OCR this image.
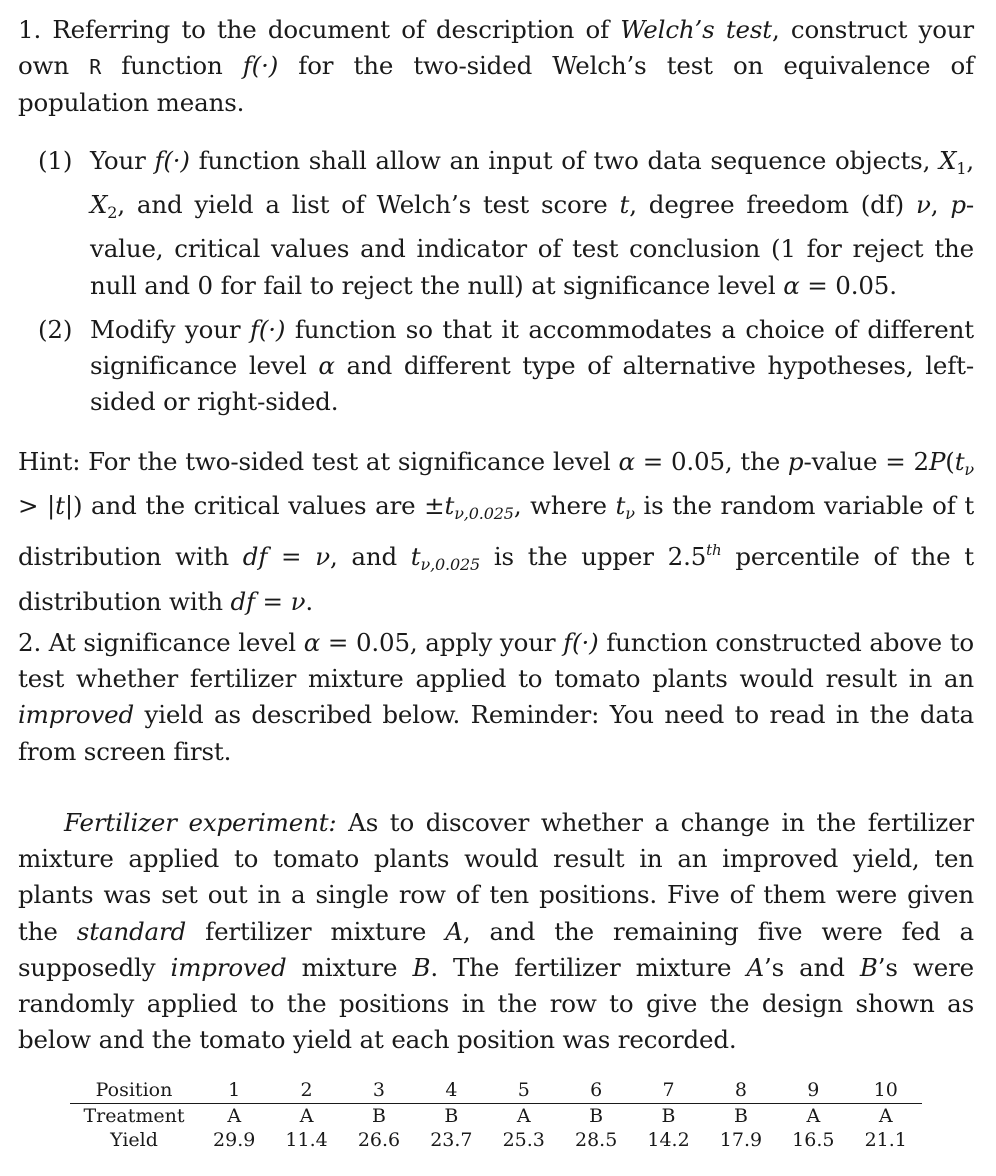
1. Referring to the document of description of Welch’s test, construct your own R function f(·) for the two-sided Welch’s test on equivalence of population means.

(1) Your f(·) function shall allow an input of two data sequence objects, $X_1$, $X_2$, and yield a list of Welch’s test score t, degree freedom (df) ν, p-value, critical values and indicator of test conclusion (1 for reject the null and 0 for fail to reject the null) at significance level α = 0.05.

(2) Modify your f(·) function so that it accommodates a choice of different significance level α and different type of alternative hypotheses, left-sided or right-sided.

Hint: For the two-sided test at significance level α = 0.05, the p-value = $2P(t_\nu > |t|)$ and the critical values are $\pm t_{\nu,0.025}$, where $t_\nu$ is the random variable of t distribution with df = ν, and $t_{\nu,0.025}$ is the upper 2.5th percentile of the t distribution with df = ν.

2. At significance level α = 0.05, apply your f(·) function constructed above to test whether fertilizer mixture applied to tomato plants would result in an improved yield as described below. Reminder: You need to read in the data from screen first.

Fertilizer experiment: As to discover whether a change in the fertilizer mixture applied to tomato plants would result in an improved yield, ten plants was set out in a single row of ten positions. Five of them were given the standard fertilizer mixture A, and the remaining five were fed a supposedly improved mixture B. The fertilizer mixture A’s and B’s were randomly applied to the positions in the row to give the design shown as below and the tomato yield at each position was recorded.

Position	1	2	3	4	5	6	7	8	9	10
Treatment	A	A	B	B	A	B	B	B	A	A
Yield	29.9	11.4	26.6	23.7	25.3	28.5	14.2	17.9	16.5	21.1
